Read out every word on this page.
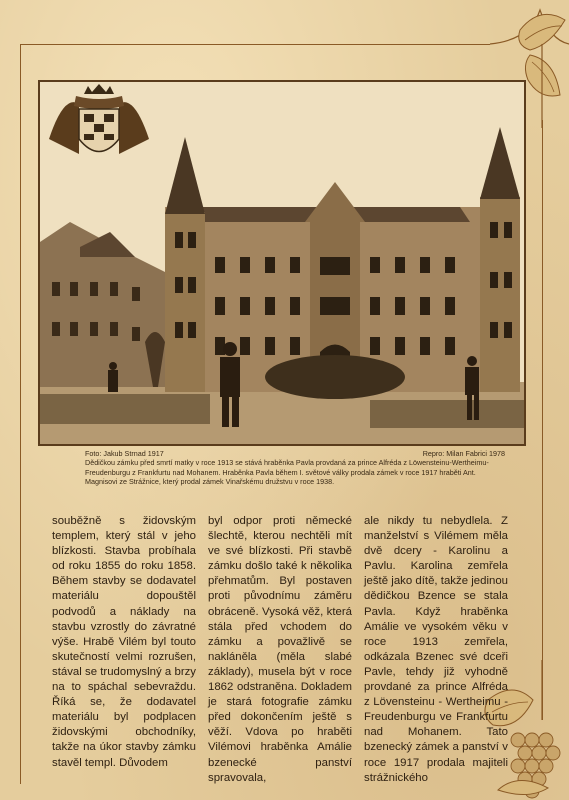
Foto: Jakub Strnad 1917	Repro: Milan Fabrici 1978
Dědičkou zámku před smrtí matky v roce 1913 se stává hraběnka Pavla provdaná za prince Alfréda z Löwensteinu-Wertheimu-Freudenburgu z Frankfurtu nad Mohanem. Hraběnka Pavla během I. světové války prodala zámek v roce 1917 hraběti Ant. Magnisovi ze Strážnice, který prodal zámek Vinařskému družstvu v roce 1938.
souběžně s židovským templem, který stál v jeho blízkosti. Stavba probíhala od roku 1855 do roku 1858. Během stavby se dodavatel materiálu dopouštěl podvodů a náklady na stavbu vzrostly do závratné výše. Hrabě Vilém byl touto skutečností velmi rozrušen, stával se trudomyslný a brzy na to spáchal sebevraždu. Říká se, že dodavatel materiálu byl podplacen židovskými obchodníky, takže na úkor stavby zámku stavěl templ. Důvodem
byl odpor proti německé šlechtě, kterou nechtěli mít ve své blízkosti. Při stavbě zámku došlo také k několika přehmatům. Byl postaven proti původnímu záměru obráceně. Vysoká věž, která stála před vchodem do zámku a považlivě se nakláněla (měla slabé základy), musela být v roce 1862 odstraněna. Dokladem je stará fotografie zámku před dokončením ještě s věží. Vdova po hraběti Vilémovi hraběnka Amálie bzenecké panství spravovala,
ale nikdy tu nebydlela. Z manželství s Vilémem měla dvě dcery - Karolinu a Pavlu. Karolina zemřela ještě jako dítě, takže jedinou dědičkou Bzence se stala Pavla. Když hraběnka Amálie ve vysokém věku v roce 1913 zemřela, odkázala Bzenec své dceři Pavle, tehdy již vyhodně provdané za prince Alfréda z Lövensteinu - Wertheimu - Freudenburgu ve Frankfurtu nad Mohanem. Tato bzenecký zámek a panství v roce 1917 prodala majiteli strážnického
